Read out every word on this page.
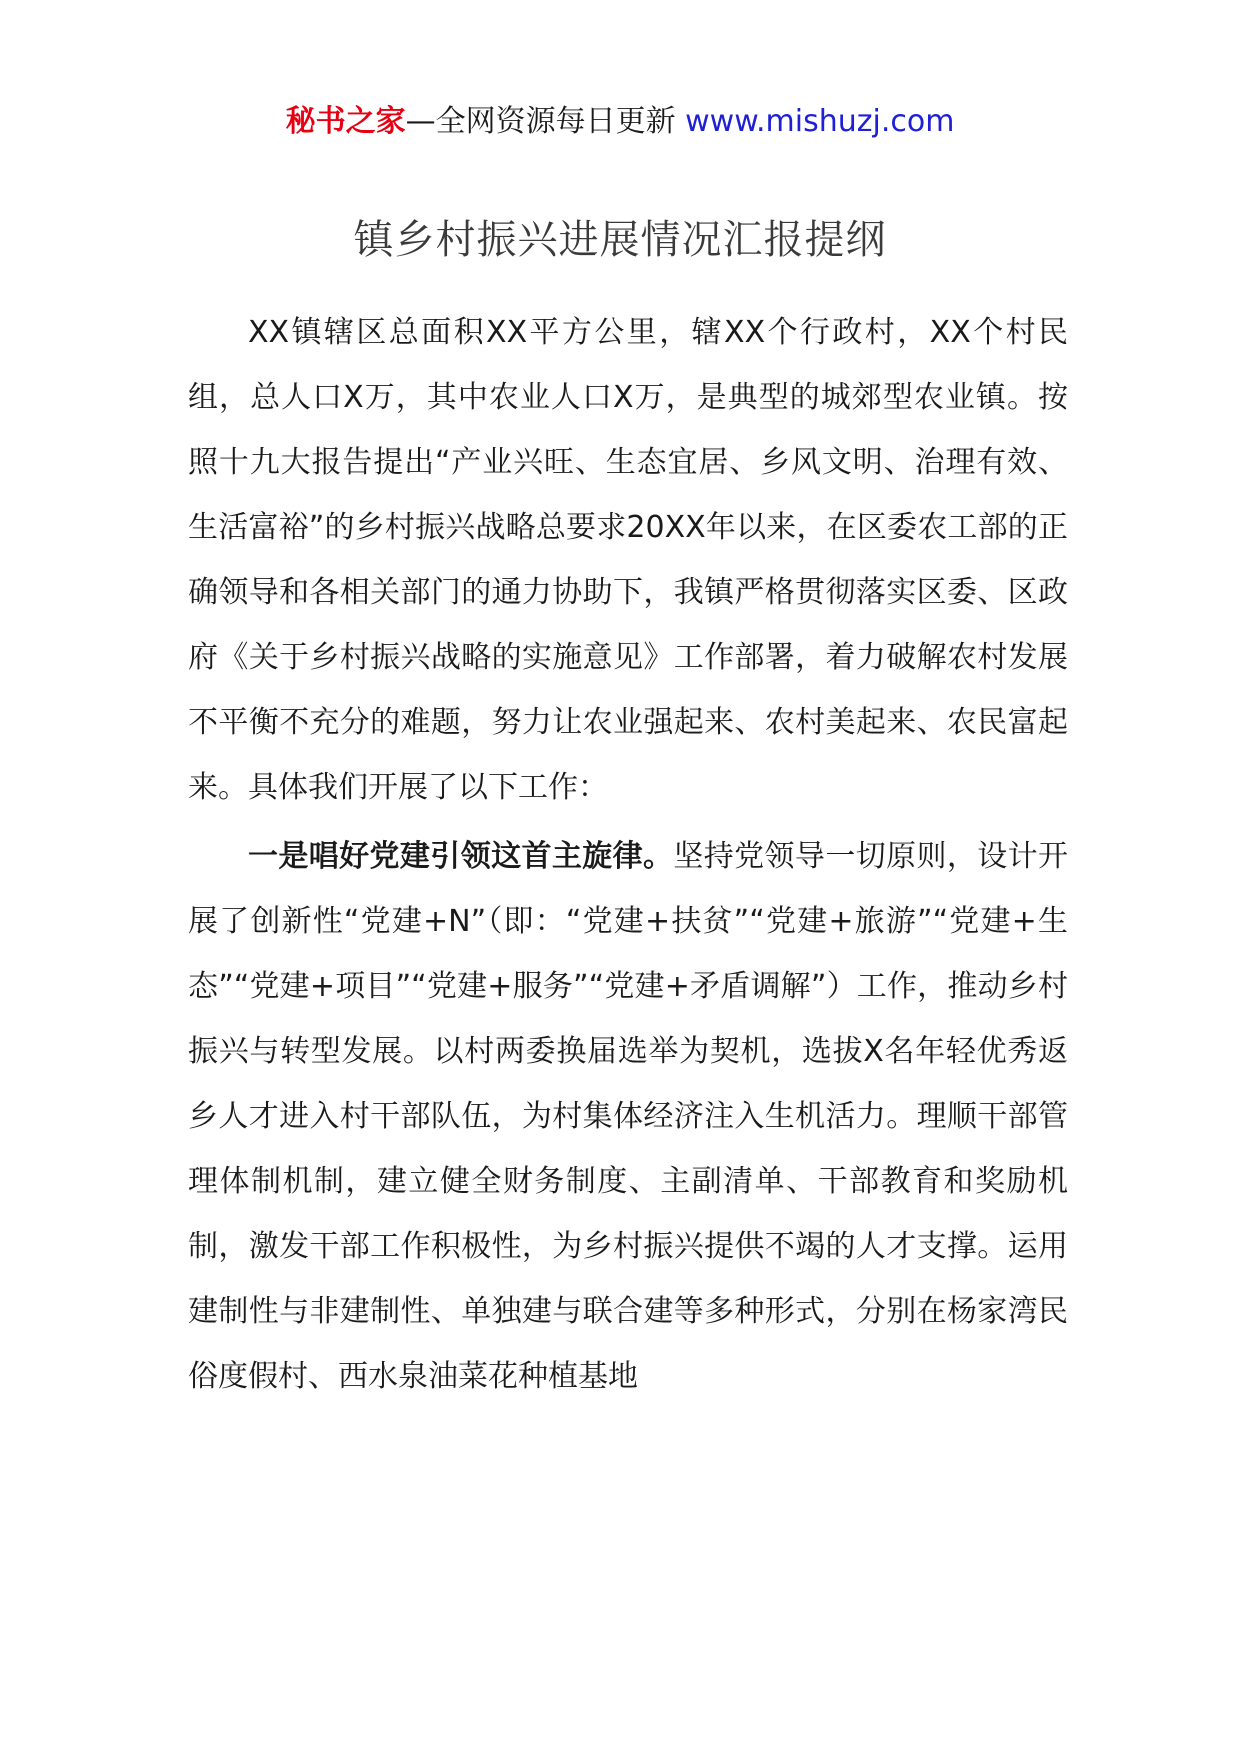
秘书之家—全网资源每日更新 www.mishuzj.com
镇乡村振兴进展情况汇报提纲

XX镇辖区总面积XX平方公里，辖XX个行政村，XX个村民组，总人口X万，其中农业人口X万，是典型的城郊型农业镇。按照十九大报告提出“产业兴旺、生态宜居、乡风文明、治理有效、生活富裕”的乡村振兴战略总要求20XX年以来，在区委农工部的正确领导和各相关部门的通力协助下，我镇严格贯彻落实区委、区政府《关于乡村振兴战略的实施意见》工作部署，着力破解农村发展不平衡不充分的难题，努力让农业强起来、农村美起来、农民富起来。具体我们开展了以下工作：

一是唱好党建引领这首主旋律。坚持党领导一切原则，设计开展了创新性“党建+N”（即：“党建+扶贫”“党建+旅游”“党建+生态”“党建+项目”“党建+服务”“党建+矛盾调解”）工作，推动乡村振兴与转型发展。以村两委换届选举为契机，选拔X名年轻优秀返乡人才进入村干部队伍，为村集体经济注入生机活力。理顺干部管理体制机制，建立健全财务制度、主副清单、干部教育和奖励机制，激发干部工作积极性，为乡村振兴提供不竭的人才支撑。运用建制性与非建制性、单独建与联合建等多种形式，分别在杨家湾民俗度假村、西水泉油菜花种植基地
